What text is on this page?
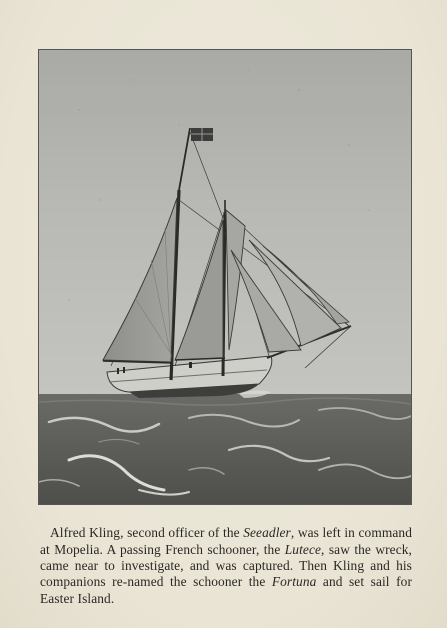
Alfred Kling, second officer of the Seeadler, was left in command at Mopelia. A passing French schooner, the Lutece, saw the wreck, came near to investigate, and was captured. Then Kling and his companions re-named the schooner the Fortuna and set sail for Easter Island.
